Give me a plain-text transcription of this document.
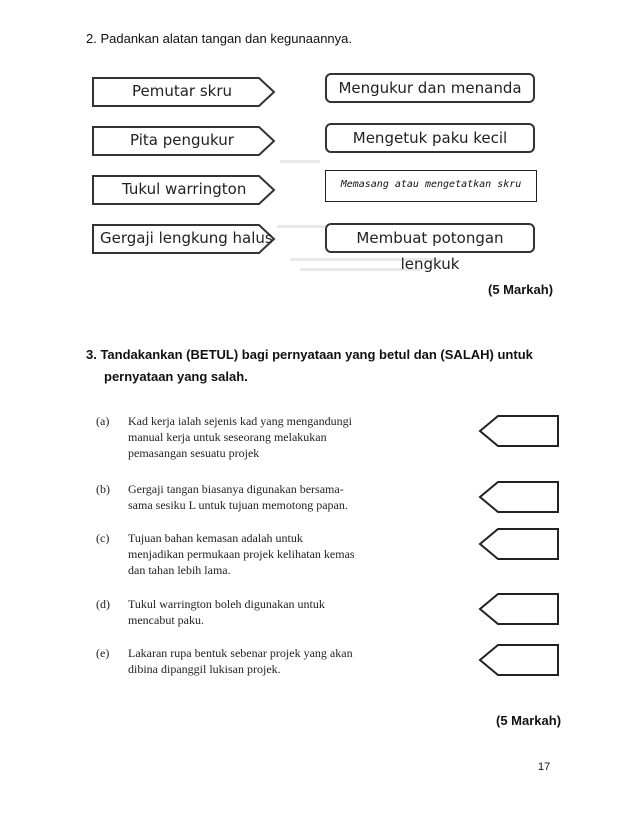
2. Padankan alatan tangan dan kegunaannya.
Pemutar skru
Pita pengukur
Tukul warrington
Gergaji lengkung halus
Mengukur dan menanda
Mengetuk paku kecil
Membuat potongan lengkuk
Memasang atau mengetatkan skru
(5 Markah)
3. Tandakankan (BETUL) bagi pernyataan yang betul dan (SALAH) untuk
pernyataan yang salah.
(a) Kad kerja ialah sejenis kad yang mengandungi
manual kerja untuk seseorang melakukan
pemasangan sesuatu projek
(b) Gergaji tangan biasanya digunakan bersama-
sama sesiku L untuk tujuan memotong papan.
(c) Tujuan bahan kemasan adalah untuk
menjadikan permukaan projek kelihatan kemas
dan tahan lebih lama.
(d) Tukul warrington boleh digunakan untuk
mencabut paku.
(e) Lakaran rupa bentuk sebenar projek yang akan
dibina dipanggil lukisan projek.
(5 Markah)
17
